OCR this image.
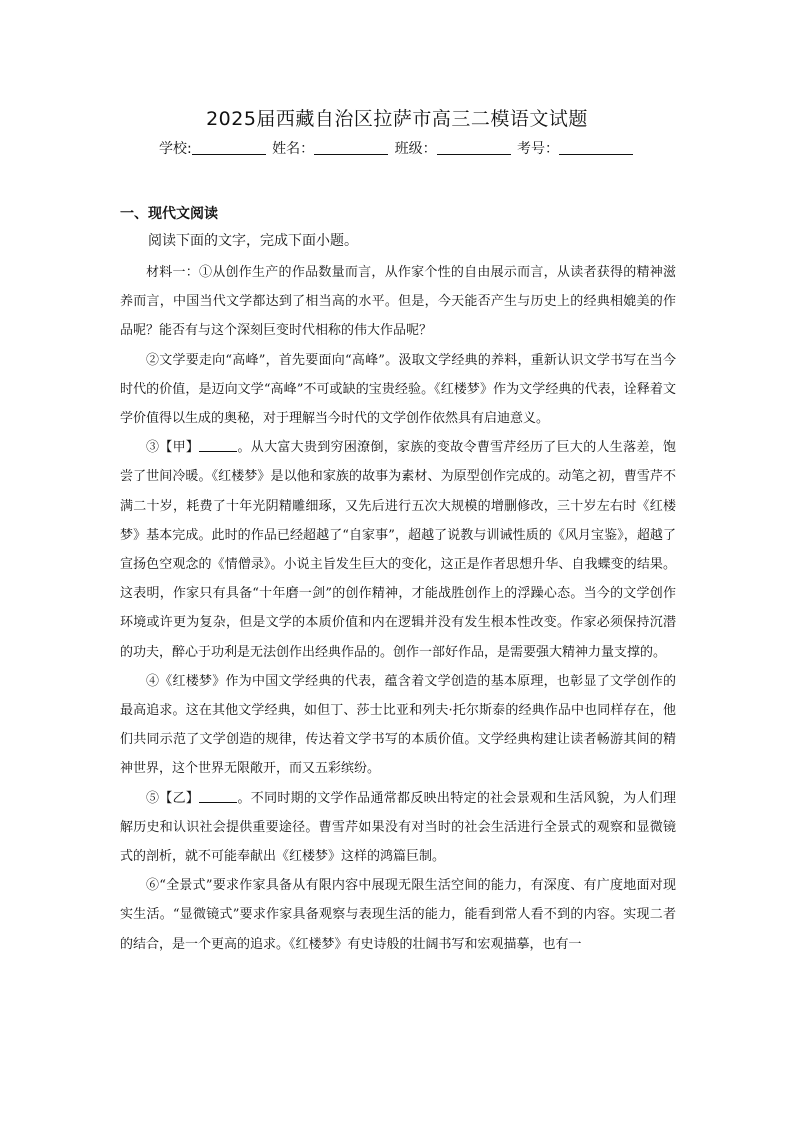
2025届西藏自治区拉萨市高三二模语文试题
学校:	姓名：	班级：	考号：
一、现代文阅读
阅读下面的文字，完成下面小题。

材料一：①从创作生产的作品数量而言，从作家个性的自由展示而言，从读者获得的精神滋养而言，中国当代文学都达到了相当高的水平。但是，今天能否产生与历史上的经典相媲美的作品呢？能否有与这个深刻巨变时代相称的伟大作品呢？

②文学要走向“高峰”，首先要面向“高峰”。汲取文学经典的养料，重新认识文学书写在当今时代的价值，是迈向文学“高峰”不可或缺的宝贵经验。《红楼梦》作为文学经典的代表，诠释着文学价值得以生成的奥秘，对于理解当今时代的文学创作依然具有启迪意义。

③【甲】	。从大富大贵到穷困潦倒，家族的变故令曹雪芹经历了巨大的人生落差，饱尝了世间冷暖。《红楼梦》是以他和家族的故事为素材、为原型创作完成的。动笔之初，曹雪芹不满二十岁，耗费了十年光阴精雕细琢，又先后进行五次大规模的增删修改，三十岁左右时《红楼梦》基本完成。此时的作品已经超越了“自家事”，超越了说教与训诫性质的《风月宝鉴》，超越了宣扬色空观念的《情僧录》。小说主旨发生巨大的变化，这正是作者思想升华、自我蝶变的结果。这表明，作家只有具备“十年磨一剑”的创作精神，才能战胜创作上的浮躁心态。当今的文学创作环境或许更为复杂，但是文学的本质价值和内在逻辑并没有发生根本性改变。作家必须保持沉潜的功夫，醉心于功利是无法创作出经典作品的。创作一部好作品，是需要强大精神力量支撑的。

④《红楼梦》作为中国文学经典的代表，蕴含着文学创造的基本原理，也彰显了文学创作的最高追求。这在其他文学经典，如但丁、莎士比亚和列夫·托尔斯泰的经典作品中也同样存在，他们共同示范了文学创造的规律，传达着文学书写的本质价值。文学经典构建让读者畅游其间的精神世界，这个世界无限敞开，而又五彩缤纷。

⑤【乙】	。不同时期的文学作品通常都反映出特定的社会景观和生活风貌，为人们理解历史和认识社会提供重要途径。曹雪芹如果没有对当时的社会生活进行全景式的观察和显微镜式的剖析，就不可能奉献出《红楼梦》这样的鸿篇巨制。

⑥“全景式”要求作家具备从有限内容中展现无限生活空间的能力，有深度、有广度地面对现实生活。“显微镜式”要求作家具备观察与表现生活的能力，能看到常人看不到的内容。实现二者的结合，是一个更高的追求。《红楼梦》有史诗般的壮阔书写和宏观描摹，也有一
